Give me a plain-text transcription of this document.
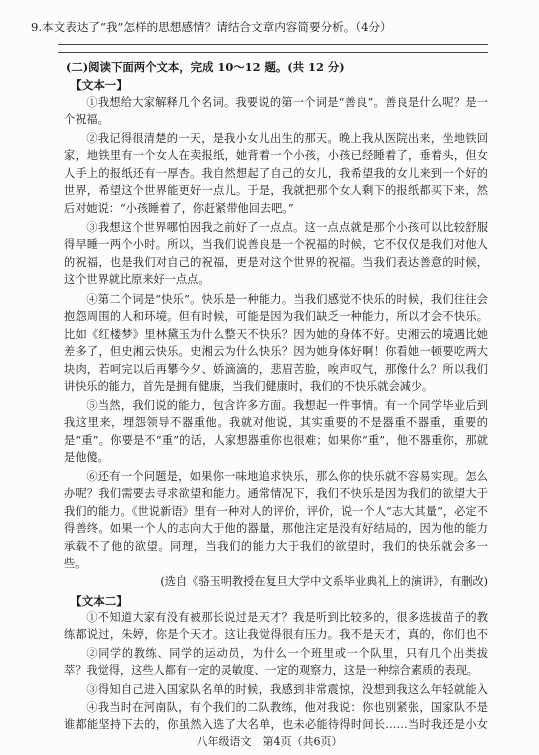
9.本文表达了“我”怎样的思想感情？请结合文章内容简要分析。（4分）
(二)阅读下面两个文本，完成 10～12 题。(共 12 分)
【文本一】

①我想给大家解释几个名词。我要说的第一个词是“善良”。善良是什么呢？是一个祝福。

②我记得很清楚的一天，是我小女儿出生的那天。晚上我从医院出来，坐地铁回家，地铁里有一个女人在卖报纸，她背着一个小孩，小孩已经睡着了，垂着头，但女人手上的报纸还有一厚杏。我自然想起了自己的女儿，我希望我的女儿来到一个好的世界，希望这个世界能更好一点儿。于是，我就把那个女人剩下的报纸都买下来，然后对她说：“小孩睡着了，你赶紧带他回去吧。”

③我想这个世界哪怕因我之前好了一点点。这一点点就是那个小孩可以比较舒服得早睡一两个小时。所以，当我们说善良是一个祝福的时候，它不仅仅是我们对他人的祝福，也是我们对自己的祝福，更是对这个世界的祝福。当我们表达善意的时候，这个世界就比原来好一点点。

④第二个词是“快乐”。快乐是一种能力。当我们感觉不快乐的时候，我们往往会抱怨周围的人和环境。但有时候，可能是因为我们缺乏一种能力，所以才会不快乐。比如《红楼梦》里林黛玉为什么整天不快乐？因为她的身体不好。史湘云的境遇比她差多了，但史湘云快乐。史湘云为什么快乐？因为她身体好啊！你看她一顿要吃两大块肉，若呵完以后再攀今夕、娇滴滴的，悲眉苦脸，唉声叹气，那像什么？所以我们讲快乐的能力，首先是拥有健康，当我们健康时，我们的不快乐就会减少。

⑤当然，我们说的能力，包含许多方面。我想起一件事情。有一个同学毕业后到我这里来，埋怨领导不器重他。我就对他说，其实重要的不是器重不器重，重要的是“重”。你要是不“重”的话，人家想器重你也很难；如果你“重”，他不器重你，那就是他傻。

⑥还有一个问题是，如果你一味地追求快乐，那么你的快乐就不容易实现。怎么办呢？我们需要去寻求欲望和能力。通常情况下，我们不快乐是因为我们的欲望大于我们的能力。《世说新语》里有一种对人的评价，评价，说一个人“志大其量”，必定不得善终。如果一个人的志向大于他的器量，那他注定是没有好结局的，因为他的能力承载不了他的欲望。同理，当我们的能力大于我们的欲望时，我们的快乐就会多一些。

(选自《骆玉明教授在复旦大学中文系毕业典礼上的演讲》，有删改)

【文本二】

①不知道大家有没有被那长说过是天才？我是听到比较多的，很多选拔苗子的教练都说过，朱婷，你是个天才。这让我觉得很有压力。我不是天才，真的，你们也不

②同学的教练、同学的运动员，为什么一个班里或一个队里，只有几个出类拔萃？我觉得，这些人都有一定的灵敏度、一定的观察力，这是一种综合素质的表现。

③得知自己进入国家队名单的时候，我感到非常震惊，没想到我这么年轻就能入

④我当时在河南队，有个我们的二队教练，他对我说：你也别紧张，国家队不是谁都能坚持下去的，你虽然入选了大名单，也未必能待得时间长……当时我还是小女

八年级语文　第4页（共6页）
